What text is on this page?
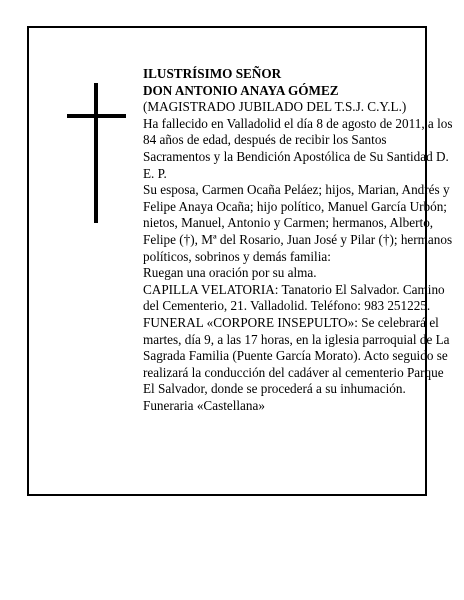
ILUSTRÍSIMO SEÑOR

DON ANTONIO ANAYA GÓMEZ

(MAGISTRADO JUBILADO DEL T.S.J. C.Y.L.)

Ha fallecido en Valladolid el día 8 de agosto de 2011, a los 84 años de edad, después de recibir los Santos Sacramentos y la Bendición Apostólica de Su Santidad D. E. P.

Su esposa, Carmen Ocaña Peláez; hijos, Marian, Andrés y Felipe Anaya Ocaña; hijo político, Manuel García Urbón; nietos, Manuel, Antonio y Carmen; hermanos, Alberto, Felipe (†), Mª del Rosario, Juan José y Pilar (†); hermanos políticos, sobrinos y demás familia:

Ruegan una oración por su alma.

CAPILLA VELATORIA: Tanatorio El Salvador. Camino del Cementerio, 21. Valladolid. Teléfono: 983 251225.

FUNERAL «CORPORE INSEPULTO»: Se celebrará el martes, día 9, a las 17 horas, en la iglesia parroquial de La Sagrada Familia (Puente García Morato). Acto seguido se realizará la conducción del cadáver al cementerio Parque El Salvador, donde se procederá a su inhumación.

Funeraria «Castellana»
